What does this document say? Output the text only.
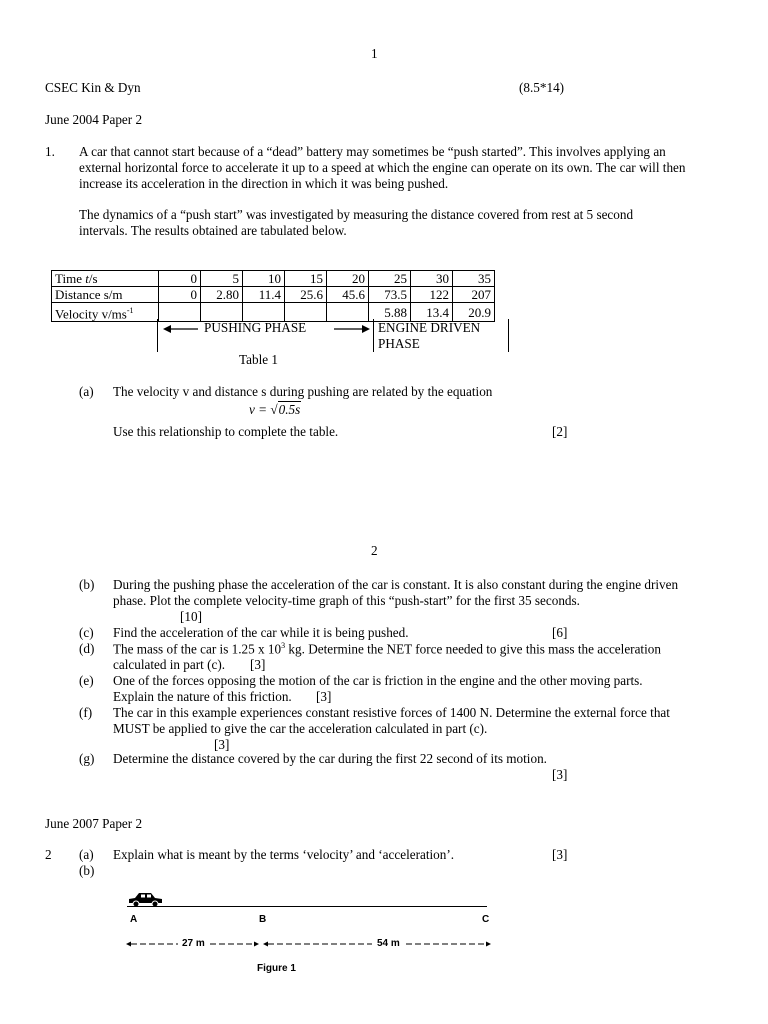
1
CSEC Kin & Dyn	(8.5*14)
June 2004 Paper 2
1. A car that cannot start because of a “dead” battery may sometimes be “push started”. This involves applying an external horizontal force to accelerate it up to a speed at which the engine can operate on its own. The car will then increase its acceleration in the direction in which it was being pushed.
The dynamics of a “push start” was investigated by measuring the distance covered from rest at 5 second intervals. The results obtained are tabulated below.
Time t/s	0	5	10	15	20	25	30	35
Distance s/m	0	2.80	11.4	25.6	45.6	73.5	122	207
Velocity $v/ms^{-1}$						5.88	13.4	20.9
PUSHING PHASE	ENGINE DRIVEN
PHASE
Table 1
(a) The velocity v and distance s during pushing are related by the equation
v = √0.5s
Use this relationship to complete the table.	[2]
2
(b) During the pushing phase the acceleration of the car is constant. It is also constant during the engine driven
phase. Plot the complete velocity-time graph of this “push-start” for the first 35 seconds.
[10]
(c) Find the acceleration of the car while it is being pushed.	[6]
(d) The mass of the car is 1.25 x $10^3$ kg. Determine the NET force needed to give this mass the acceleration
calculated in part (c). [3]
(e) One of the forces opposing the motion of the car is friction in the engine and the other moving parts.
Explain the nature of this friction. [3]
(f) The car in this example experiences constant resistive forces of 1400 N. Determine the external force that
MUST be applied to give the car the acceleration calculated in part (c).
[3]
(g) Determine the distance covered by the car during the first 22 second of its motion.
[3]
June 2007 Paper 2
2 (a) Explain what is meant by the terms ‘velocity’ and ‘acceleration’.	[3]
(b)
A	B	C
27 m	54 m
Figure 1
